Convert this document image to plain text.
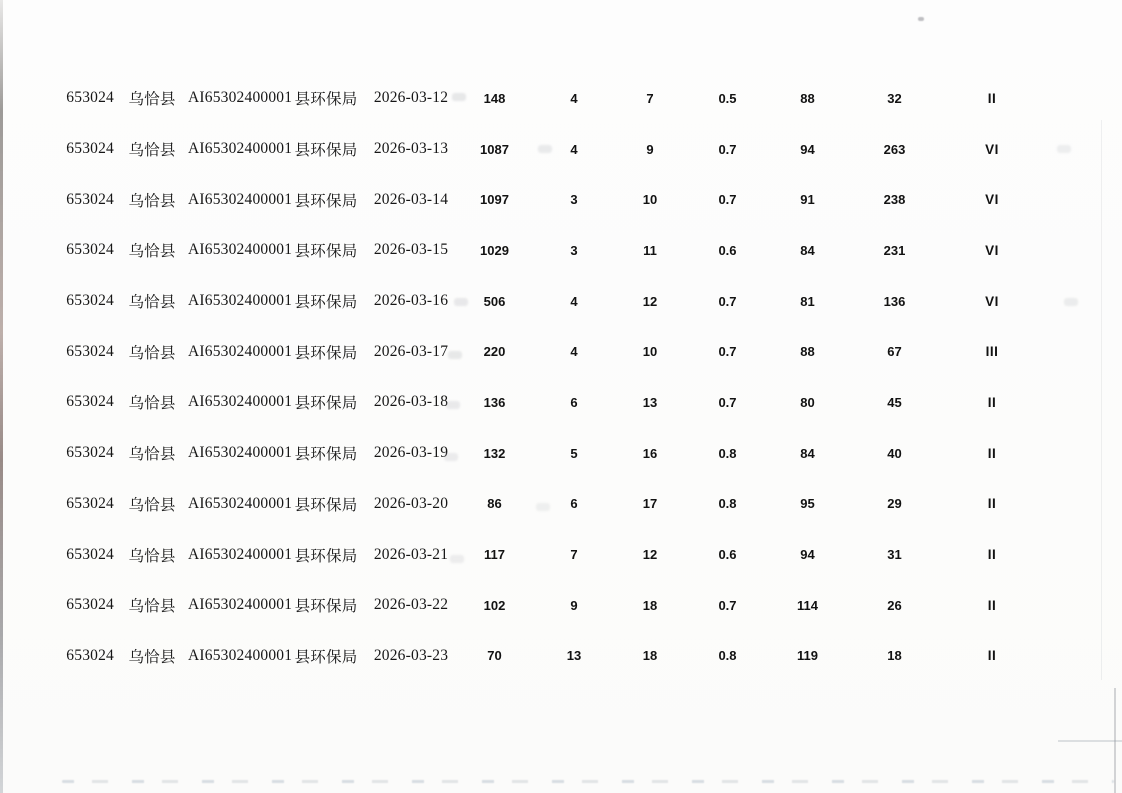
653024 乌恰县 AI65302400001 县环保局	2026-03-12	148	4	7	0.5	88	32	II
653024 乌恰县 AI65302400001 县环保局	2026-03-13	1087	4	9	0.7	94	263	VI
653024 乌恰县 AI65302400001 县环保局	2026-03-14	1097	3	10	0.7	91	238	VI
653024 乌恰县 AI65302400001 县环保局	2026-03-15	1029	3	11	0.6	84	231	VI
653024 乌恰县 AI65302400001 县环保局	2026-03-16	506	4	12	0.7	81	136	VI
653024 乌恰县 AI65302400001 县环保局	2026-03-17	220	4	10	0.7	88	67	III
653024 乌恰县 AI65302400001 县环保局	2026-03-18	136	6	13	0.7	80	45	II
653024 乌恰县 AI65302400001 县环保局	2026-03-19	132	5	16	0.8	84	40	II
653024 乌恰县 AI65302400001 县环保局	2026-03-20	86	6	17	0.8	95	29	II
653024 乌恰县 AI65302400001 县环保局	2026-03-21	117	7	12	0.6	94	31	II
653024 乌恰县 AI65302400001 县环保局	2026-03-22	102	9	18	0.7	114	26	II
653024 乌恰县 AI65302400001 县环保局	2026-03-23	70	13	18	0.8	119	18	II
